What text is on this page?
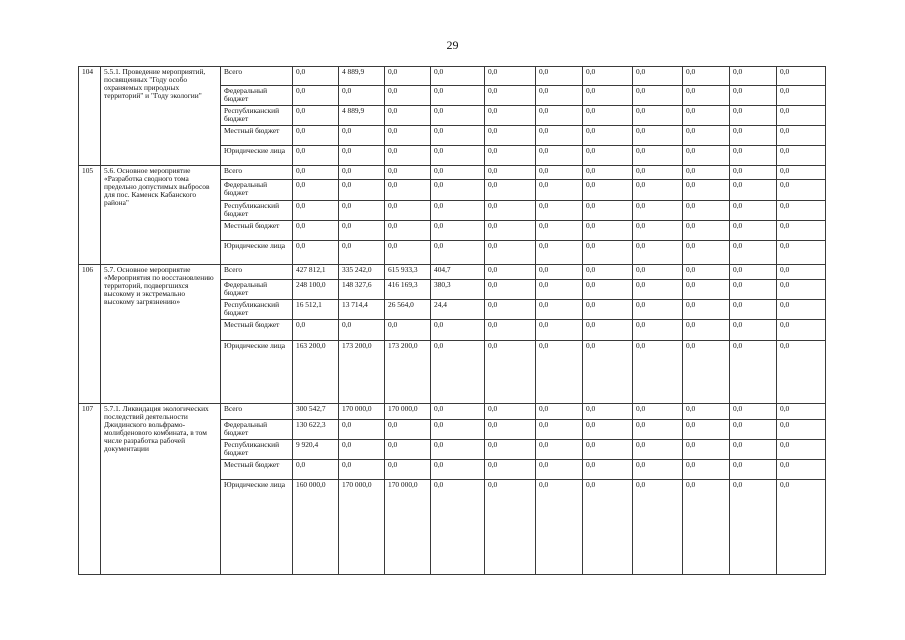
29
104	5.5.1. Проведение мероприятий, посвященных "Году особо охраняемых природных территорий" и "Году экологии"	Всего	0,0	4 889,9	0,0	0,0	0,0	0,0	0,0	0,0	0,0	0,0	0,0
		Федеральный бюджет	0,0	0,0	0,0	0,0	0,0	0,0	0,0	0,0	0,0	0,0	0,0
		Республиканский бюджет	0,0	4 889,9	0,0	0,0	0,0	0,0	0,0	0,0	0,0	0,0	0,0
		Местный бюджет	0,0	0,0	0,0	0,0	0,0	0,0	0,0	0,0	0,0	0,0	0,0
		Юридические лица	0,0	0,0	0,0	0,0	0,0	0,0	0,0	0,0	0,0	0,0	0,0
105	5.6. Основное мероприятие «Разработка сводного тома предельно допустимых выбросов для пос. Каменск Кабанского района"	Всего	0,0	0,0	0,0	0,0	0,0	0,0	0,0	0,0	0,0	0,0	0,0
		Федеральный бюджет	0,0	0,0	0,0	0,0	0,0	0,0	0,0	0,0	0,0	0,0	0,0
		Республиканский бюджет	0,0	0,0	0,0	0,0	0,0	0,0	0,0	0,0	0,0	0,0	0,0
		Местный бюджет	0,0	0,0	0,0	0,0	0,0	0,0	0,0	0,0	0,0	0,0	0,0
		Юридические лица	0,0	0,0	0,0	0,0	0,0	0,0	0,0	0,0	0,0	0,0	0,0
106	5.7. Основное мероприятие «Мероприятия по восстановлению территорий, подвергшихся высокому и экстремально высокому загрязнению»	Всего	427 812,1	335 242,0	615 933,3	404,7	0,0	0,0	0,0	0,0	0,0	0,0	0,0
		Федеральный бюджет	248 100,0	148 327,6	416 169,3	380,3	0,0	0,0	0,0	0,0	0,0	0,0	0,0
		Республиканский бюджет	16 512,1	13 714,4	26 564,0	24,4	0,0	0,0	0,0	0,0	0,0	0,0	0,0
		Местный бюджет	0,0	0,0	0,0	0,0	0,0	0,0	0,0	0,0	0,0	0,0	0,0
		Юридические лица	163 200,0	173 200,0	173 200,0	0,0	0,0	0,0	0,0	0,0	0,0	0,0	0,0
107	5.7.1. Ликвидация экологических последствий деятельности Джидинского вольфрамо-молибденового комбината, в том числе разработка рабочей документации	Всего	300 542,7	170 000,0	170 000,0	0,0	0,0	0,0	0,0	0,0	0,0	0,0	0,0
		Федеральный бюджет	130 622,3	0,0	0,0	0,0	0,0	0,0	0,0	0,0	0,0	0,0	0,0
		Республиканский бюджет	9 920,4	0,0	0,0	0,0	0,0	0,0	0,0	0,0	0,0	0,0	0,0
		Местный бюджет	0,0	0,0	0,0	0,0	0,0	0,0	0,0	0,0	0,0	0,0	0,0
		Юридические лица	160 000,0	170 000,0	170 000,0	0,0	0,0	0,0	0,0	0,0	0,0	0,0	0,0
